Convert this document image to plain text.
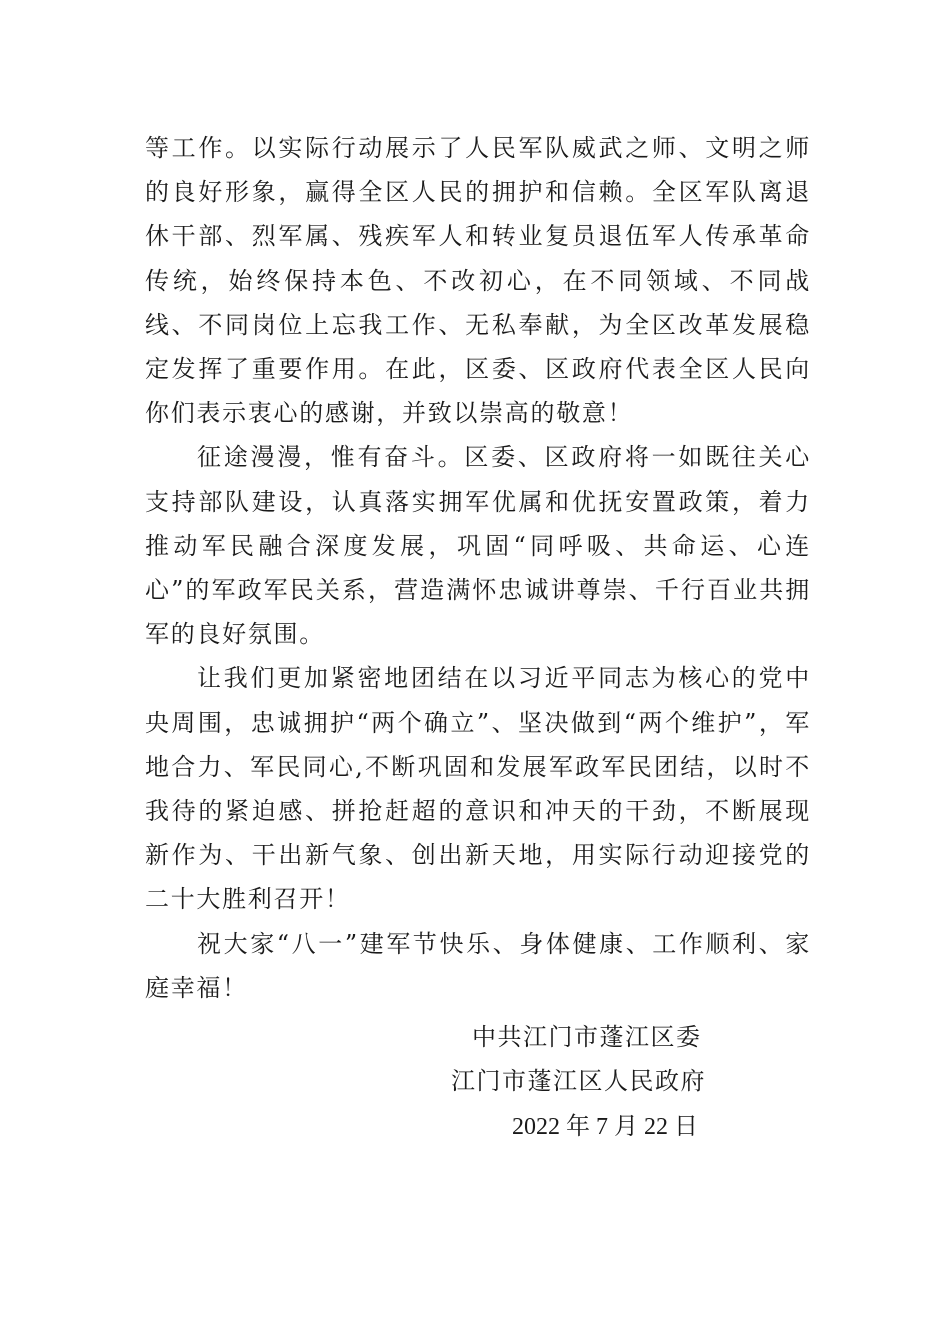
等工作。以实际行动展示了人民军队威武之师、文明之师的良好形象，赢得全区人民的拥护和信赖。全区军队离退休干部、烈军属、残疾军人和转业复员退伍军人传承革命传统，始终保持本色、不改初心，在不同领域、不同战线、不同岗位上忘我工作、无私奉献，为全区改革发展稳定发挥了重要作用。在此，区委、区政府代表全区人民向你们表示衷心的感谢，并致以崇高的敬意！

征途漫漫，惟有奋斗。区委、区政府将一如既往关心支持部队建设，认真落实拥军优属和优抚安置政策，着力推动军民融合深度发展，巩固“同呼吸、共命运、心连心”的军政军民关系，营造满怀忠诚讲尊崇、千行百业共拥军的良好氛围。

让我们更加紧密地团结在以习近平同志为核心的党中央周围，忠诚拥护“两个确立”、坚决做到“两个维护”，军地合力、军民同心,不断巩固和发展军政军民团结，以时不我待的紧迫感、拼抢赶超的意识和冲天的干劲，不断展现新作为、干出新气象、创出新天地，用实际行动迎接党的二十大胜利召开！

祝大家“八一”建军节快乐、身体健康、工作顺利、家庭幸福！

中共江门市蓬江区委
江门市蓬江区人民政府
2022 年 7 月 22 日
